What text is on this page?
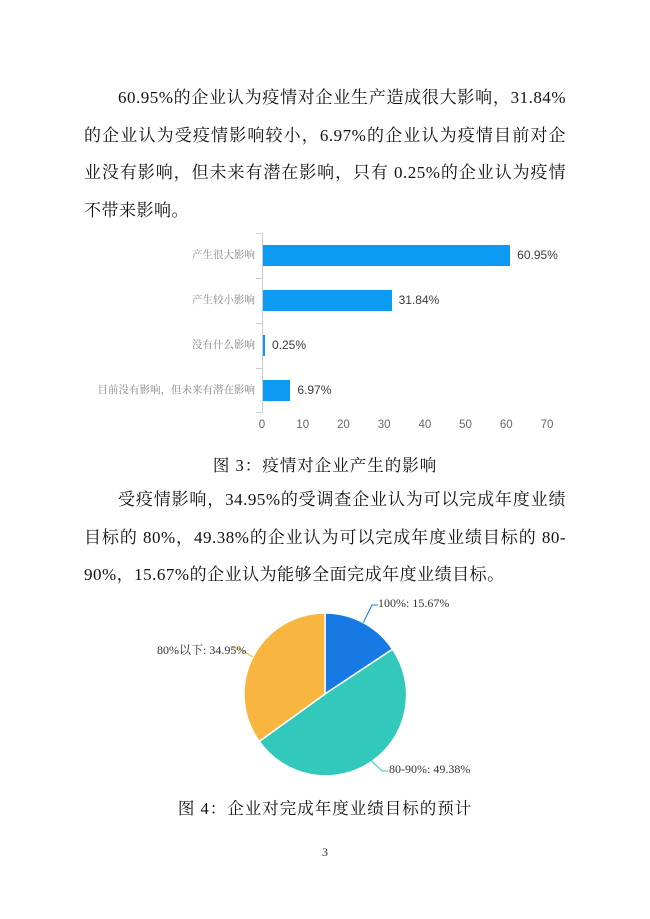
60.95%的企业认为疫情对企业生产造成很大影响，31.84%的企业认为受疫情影响较小，6.97%的企业认为疫情目前对企业没有影响，但未来有潜在影响，只有 0.25%的企业认为疫情不带来影响。

产生很大影响	60.95%
产生较小影响	31.84%
没有什么影响 0.25%
目前没有影响，但未来有潜在影响	6.97%
0	10 20 30 40 50 60 70

图 3：疫情对企业产生的影响

受疫情影响，34.95%的受调查企业认为可以完成年度业绩目标的 80%，49.38%的企业认为可以完成年度业绩目标的 80-90%，15.67%的企业认为能够全面完成年度业绩目标。

100%: 15.67%
80-90%: 49.38%
80%以下: 34.95%

图 4：企业对完成年度业绩目标的预计

3
